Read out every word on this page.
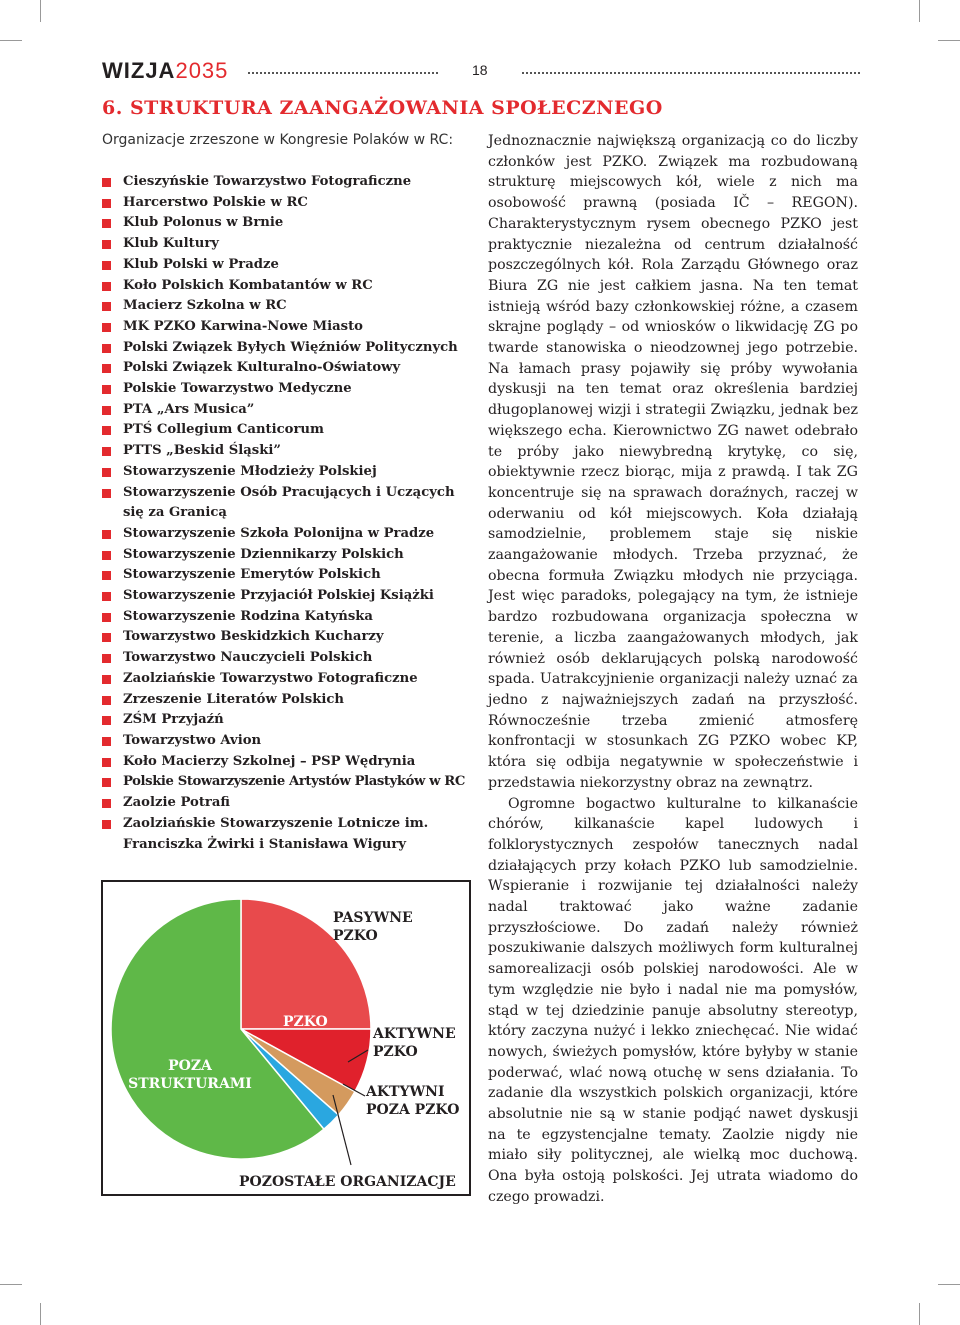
WIZJA2035	18
6. STRUKTURA ZAANGAŻOWANIA SPOŁECZNEGO
Organizacje zrzeszone w Kongresie Polaków w RC:
Cieszyńskie Towarzystwo Fotograficzne
Harcerstwo Polskie w RC
Klub Polonus w Brnie
Klub Kultury
Klub Polski w Pradze
Koło Polskich Kombatantów w RC
Macierz Szkolna w RC
MK PZKO Karwina-Nowe Miasto
Polski Związek Byłych Więźniów Politycznych
Polski Związek Kulturalno-Oświatowy
Polskie Towarzystwo Medyczne
PTA „Ars Musica”
PTŚ Collegium Canticorum
PTTS „Beskid Śląski”
Stowarzyszenie Młodzieży Polskiej
Stowarzyszenie Osób Pracujących i Uczących się za Granicą
Stowarzyszenie Szkoła Polonijna w Pradze
Stowarzyszenie Dziennikarzy Polskich
Stowarzyszenie Emerytów Polskich
Stowarzyszenie Przyjaciół Polskiej Książki
Stowarzyszenie Rodzina Katyńska
Towarzystwo Beskidzkich Kucharzy
Towarzystwo Nauczycieli Polskich
Zaolziańskie Towarzystwo Fotograficzne
Zrzeszenie Literatów Polskich
ZŚM Przyjaźń
Towarzystwo Avion
Koło Macierzy Szkolnej – PSP Wędrynia
Polskie Stowarzyszenie Artystów Plastyków w RC
Zaolzie Potrafi
Zaolziańskie Stowarzyszenie Lotnicze im. Franciszka Żwirki i Stanisława Wigury
PASYWNE
PZKO
PZKO
AKTYWNE
PZKO
AKTYWNI
POZA PZKO
POZOSTAŁE ORGANIZACJE
POZA
STRUKTURAMI

Jednoznacznie największą organizacją co do liczby członków jest PZKO. Związek ma rozbudowaną strukturę miejscowych kół, wiele z nich ma osobowość prawną (posiada IČ – REGON). Charakterystycznym rysem obecnego PZKO jest praktycznie niezależna od centrum działalność poszczególnych kół. Rola Zarządu Głównego oraz Biura ZG nie jest całkiem jasna. Na ten temat istnieją wśród bazy członkowskiej różne, a czasem skrajne poglądy – od wniosków o likwidację ZG po twarde stanowiska o nieodzownej jego potrzebie. Na łamach prasy pojawiły się próby wywołania dyskusji na ten temat oraz określenia bardziej długoplanowej wizji i strategii Związku, jednak bez większego echa. Kierownictwo ZG nawet odebrało te próby jako niewybredną krytykę, co się, obiektywnie rzecz biorąc, mija z prawdą. I tak ZG koncentruje się na sprawach doraźnych, raczej w oderwaniu od kół miejscowych. Koła działają samodzielnie, problemem staje się niskie zaangażowanie młodych. Trzeba przyznać, że obecna formuła Związku młodych nie przyciąga. Jest więc paradoks, polegający na tym, że istnieje bardzo rozbudowana organizacja społeczna w terenie, a liczba zaangażowanych młodych, jak również osób deklarujących polską narodowość spada. Uatrakcyjnienie organizacji należy uznać za jedno z najważniejszych zadań na przyszłość. Równocześnie trzeba zmienić atmosferę konfrontacji w stosunkach ZG PZKO wobec KP, która się odbija negatywnie w społeczeństwie i przedstawia niekorzystny obraz na zewnątrz.

Ogromne bogactwo kulturalne to kilkanaście chórów, kilkanaście kapel ludowych i folklorystycznych zespołów tanecznych nadal działających przy kołach PZKO lub samodzielnie. Wspieranie i rozwijanie tej działalności należy nadal traktować jako ważne zadanie przyszłościowe. Do zadań należy również poszukiwanie dalszych możliwych form kulturalnej samorealizacji osób polskiej narodowości. Ale w tym względzie nie było i nadal nie ma pomysłów, stąd w tej dziedzinie panuje absolutny stereotyp, który zaczyna nużyć i lekko zniechęcać. Nie widać nowych, świeżych pomysłów, które byłyby w stanie poderwać, wlać nową otuchę w sens działania. To zadanie dla wszystkich polskich organizacji, które absolutnie nie są w stanie podjąć nawet dyskusji na te egzystencjalne tematy. Zaolzie nigdy nie miało siły politycznej, ale wielką moc duchową. Ona była ostoją polskości. Jej utrata wiadomo do czego prowadzi.
